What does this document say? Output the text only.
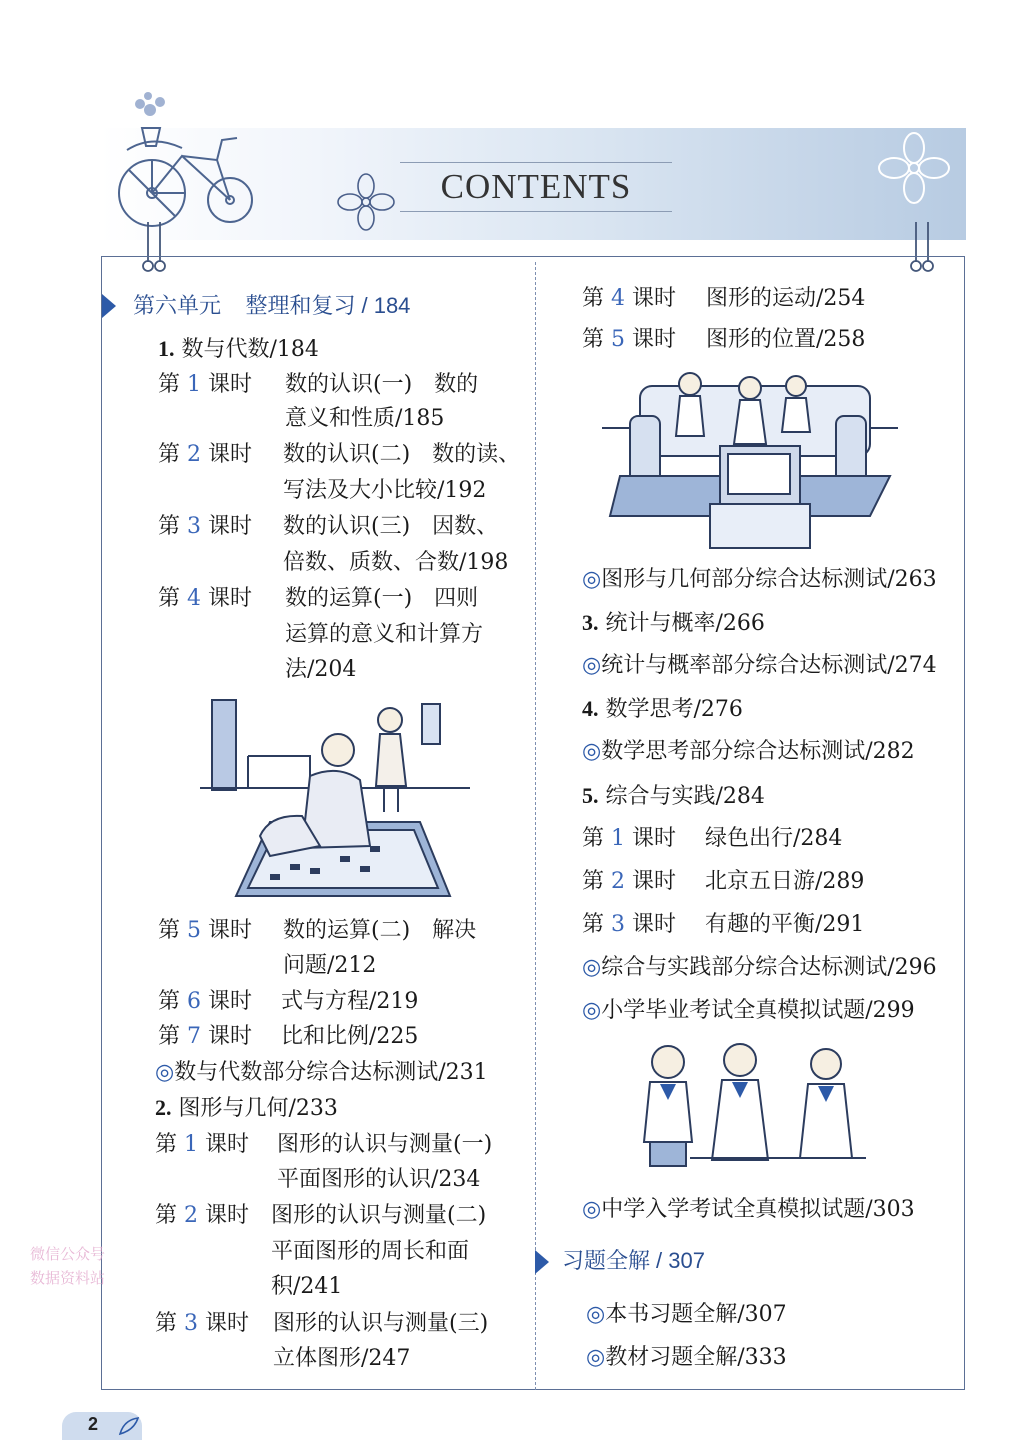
CONTENTS
第六单元 整理和复习 / 184
1. 数与代数/184
第 1 课时 数的认识(一)　数的
意义和性质/185
第 2 课时 数的认识(二)　数的读、
写法及大小比较/192
第 3 课时 数的认识(三)　因数、
倍数、质数、合数/198
第 4 课时 数的运算(一)　四则
运算的意义和计算方
法/204
第 5 课时 数的运算(二)　解决
问题/212
第 6 课时 式与方程/219
第 7 课时 比和比例/225
◎数与代数部分综合达标测试/231
2. 图形与几何/233
第 1 课时 图形的认识与测量(一)
平面图形的认识/234
第 2 课时 图形的认识与测量(二)
平面图形的周长和面
积/241
第 3 课时 图形的认识与测量(三)
立体图形/247
第 4 课时 图形的运动/254
第 5 课时 图形的位置/258
◎图形与几何部分综合达标测试/263
3. 统计与概率/266
◎统计与概率部分综合达标测试/274
4. 数学思考/276
◎数学思考部分综合达标测试/282
5. 综合与实践/284
第 1 课时 绿色出行/284
第 2 课时 北京五日游/289
第 3 课时 有趣的平衡/291
◎综合与实践部分综合达标测试/296
◎小学毕业考试全真模拟试题/299
◎中学入学考试全真模拟试题/303
习题全解 / 307
◎本书习题全解/307
◎教材习题全解/333
微信公众号
数据资料站
2
